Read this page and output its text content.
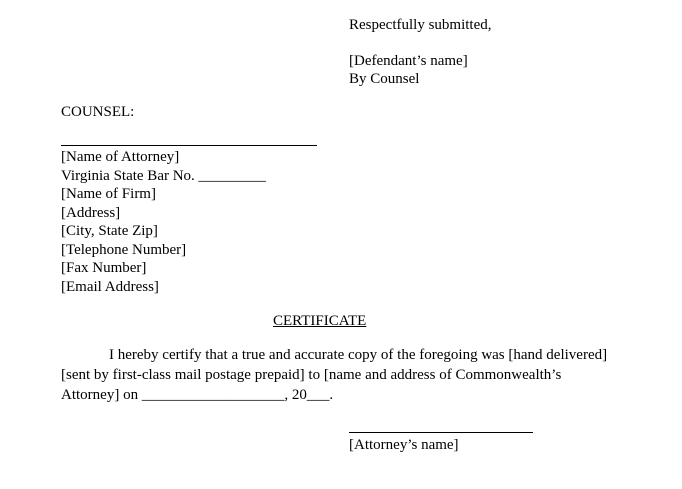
Respectfully submitted,
[Defendant’s name]
By Counsel
COUNSEL:
[Name of Attorney]
Virginia State Bar No. _________
[Name of Firm]
[Address]
[City, State Zip]
[Telephone Number]
[Fax Number]
[Email Address]
CERTIFICATE
I hereby certify that a true and accurate copy of the foregoing was [hand delivered] [sent by first-class mail postage prepaid] to [name and address of Commonwealth’s Attorney] on ___________________, 20___.
[Attorney’s name]
